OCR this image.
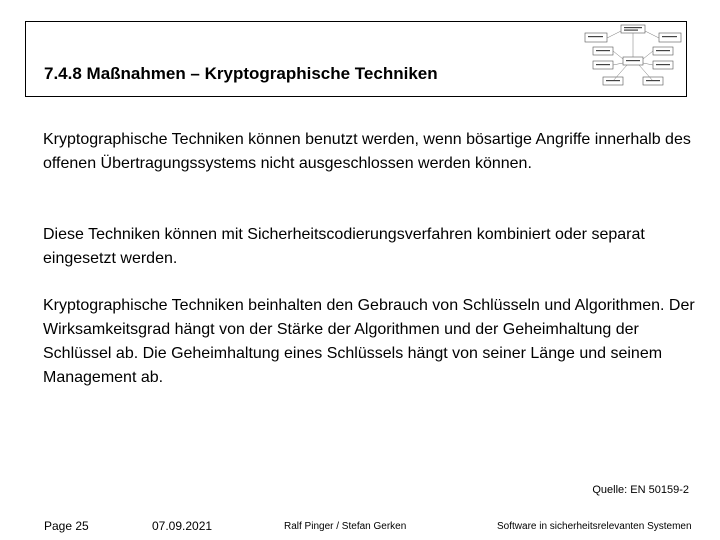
7.4.8 Maßnahmen – Kryptographische Techniken

Kryptographische Techniken können benutzt werden, wenn bösartige Angriffe innerhalb des offenen Übertragungssystems nicht ausgeschlossen werden können.

Diese Techniken können mit Sicherheitscodierungsverfahren kombiniert oder separat eingesetzt werden.

Kryptographische Techniken beinhalten den Gebrauch von Schlüsseln und Algorithmen. Der Wirksamkeitsgrad hängt von der Stärke der Algorithmen und der Geheimhaltung der Schlüssel ab. Die Geheimhaltung eines Schlüssels hängt von seiner Länge und seinem Management ab.

Quelle: EN 50159-2
Page 25	07.09.2021	Ralf Pinger / Stefan Gerken	Software in sicherheitsrelevanten Systemen
